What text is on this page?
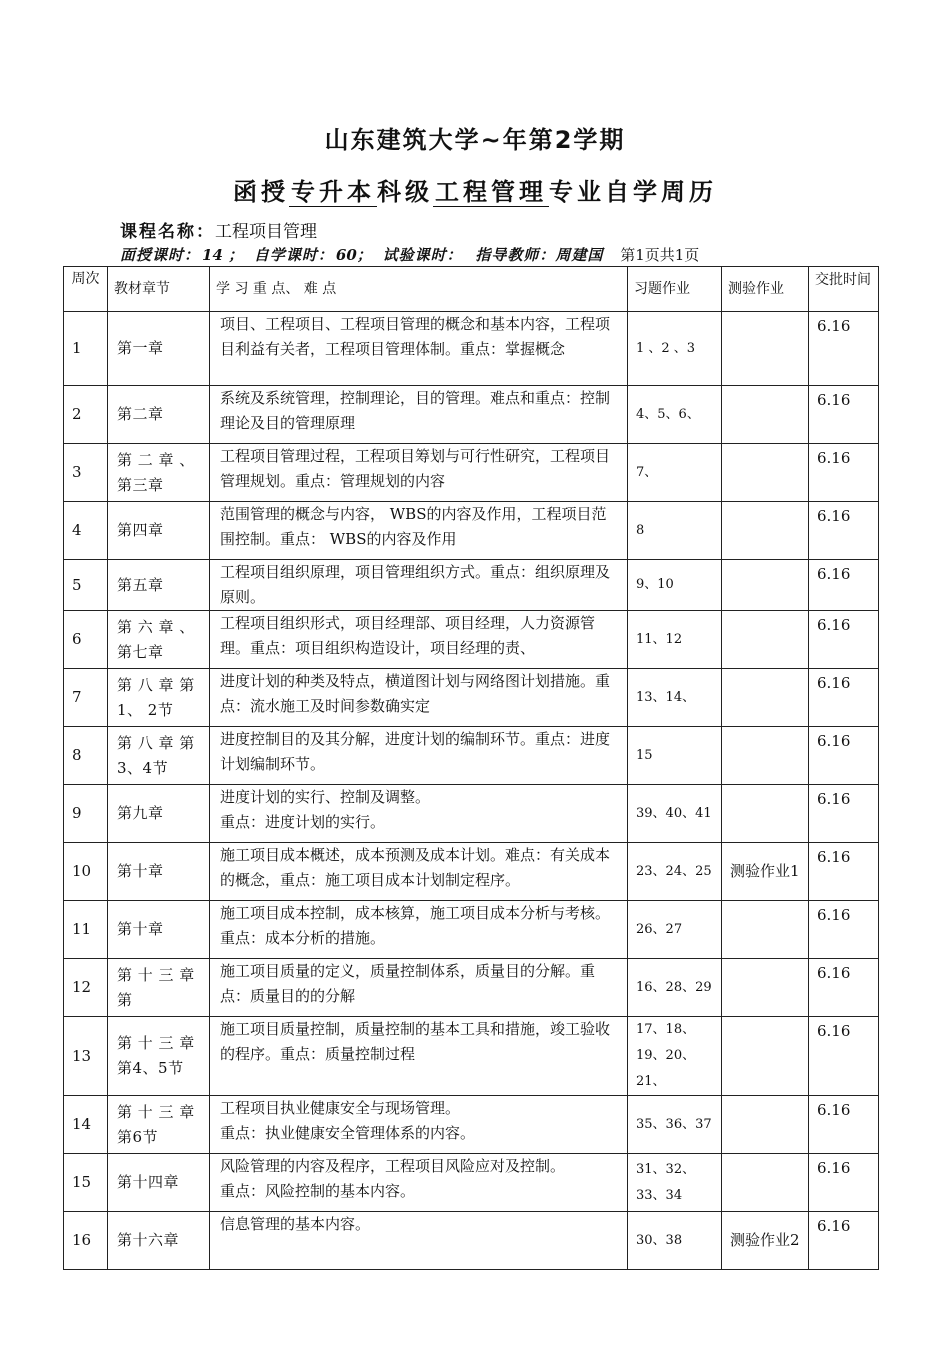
山东建筑大学~年第2学期
函授专升本科级工程管理专业自学周历
课程名称：工程项目管理
面授课时： 14 ； 自学课时： 60； 试验课时： 指导教师：周建国 第1页共1页
周次	教材章节	学 习 重 点、 难 点	习题作业	测验作业	交批时间
1	第一章	项目、工程项目、工程项目管理的概念和基本内容，工程项目利益有关者，工程项目管理体制。重点：掌握概念	1 、2 、3		6.16
2	第二章	系统及系统管理，控制理论，目的管理。难点和重点：控制理论及目的管理原理	4、5、6、		6.16
3	第 二 章 、第三章	工程项目管理过程，工程项目筹划与可行性研究，工程项目管理规划。重点：管理规划的内容	7、		6.16
4	第四章	范围管理的概念与内容， WBS的内容及作用，工程项目范围控制。重点： WBS的内容及作用	8		6.16
5	第五章	工程项目组织原理，项目管理组织方式。重点：组织原理及原则。	9、10		6.16
6	第 六 章 、第七章	工程项目组织形式，项目经理部、项目经理，人力资源管理。重点：项目组织构造设计，项目经理的责、	11、12		6.16
7	第 八 章 第 1、 2节	进度计划的种类及特点，横道图计划与网络图计划措施。重点：流水施工及时间参数确实定	13、14、		6.16
8	第 八 章 第 3、4节	进度控制目的及其分解，进度计划的编制环节。重点：进度计划编制环节。	15		6.16
9	第九章	进度计划的实行、控制及调整。
重点：进度计划的实行。	39、40、41		6.16
10	第十章	施工项目成本概述，成本预测及成本计划。难点：有关成本的概念，重点：施工项目成本计划制定程序。	23、24、25	测验作业1	6.16
11	第十章	施工项目成本控制，成本核算，施工项目成本分析与考核。重点：成本分析的措施。	26、27		6.16
12	第 十 三 章 第	施工项目质量的定义，质量控制体系，质量目的分解。重点：质量目的的分解	16、28、29		6.16
13	第 十 三 章 第4、5节	施工项目质量控制，质量控制的基本工具和措施，竣工验收的程序。重点：质量控制过程	17、18、19、20、21、		6.16
14	第 十 三 章 第6节	工程项目执业健康安全与现场管理。
重点：执业健康安全管理体系的内容。	35、36、37		6.16
15	第十四章	风险管理的内容及程序，工程项目风险应对及控制。
重点：风险控制的基本内容。	31、32、33、34		6.16
16	第十六章	信息管理的基本内容。	30、38	测验作业2	6.16
